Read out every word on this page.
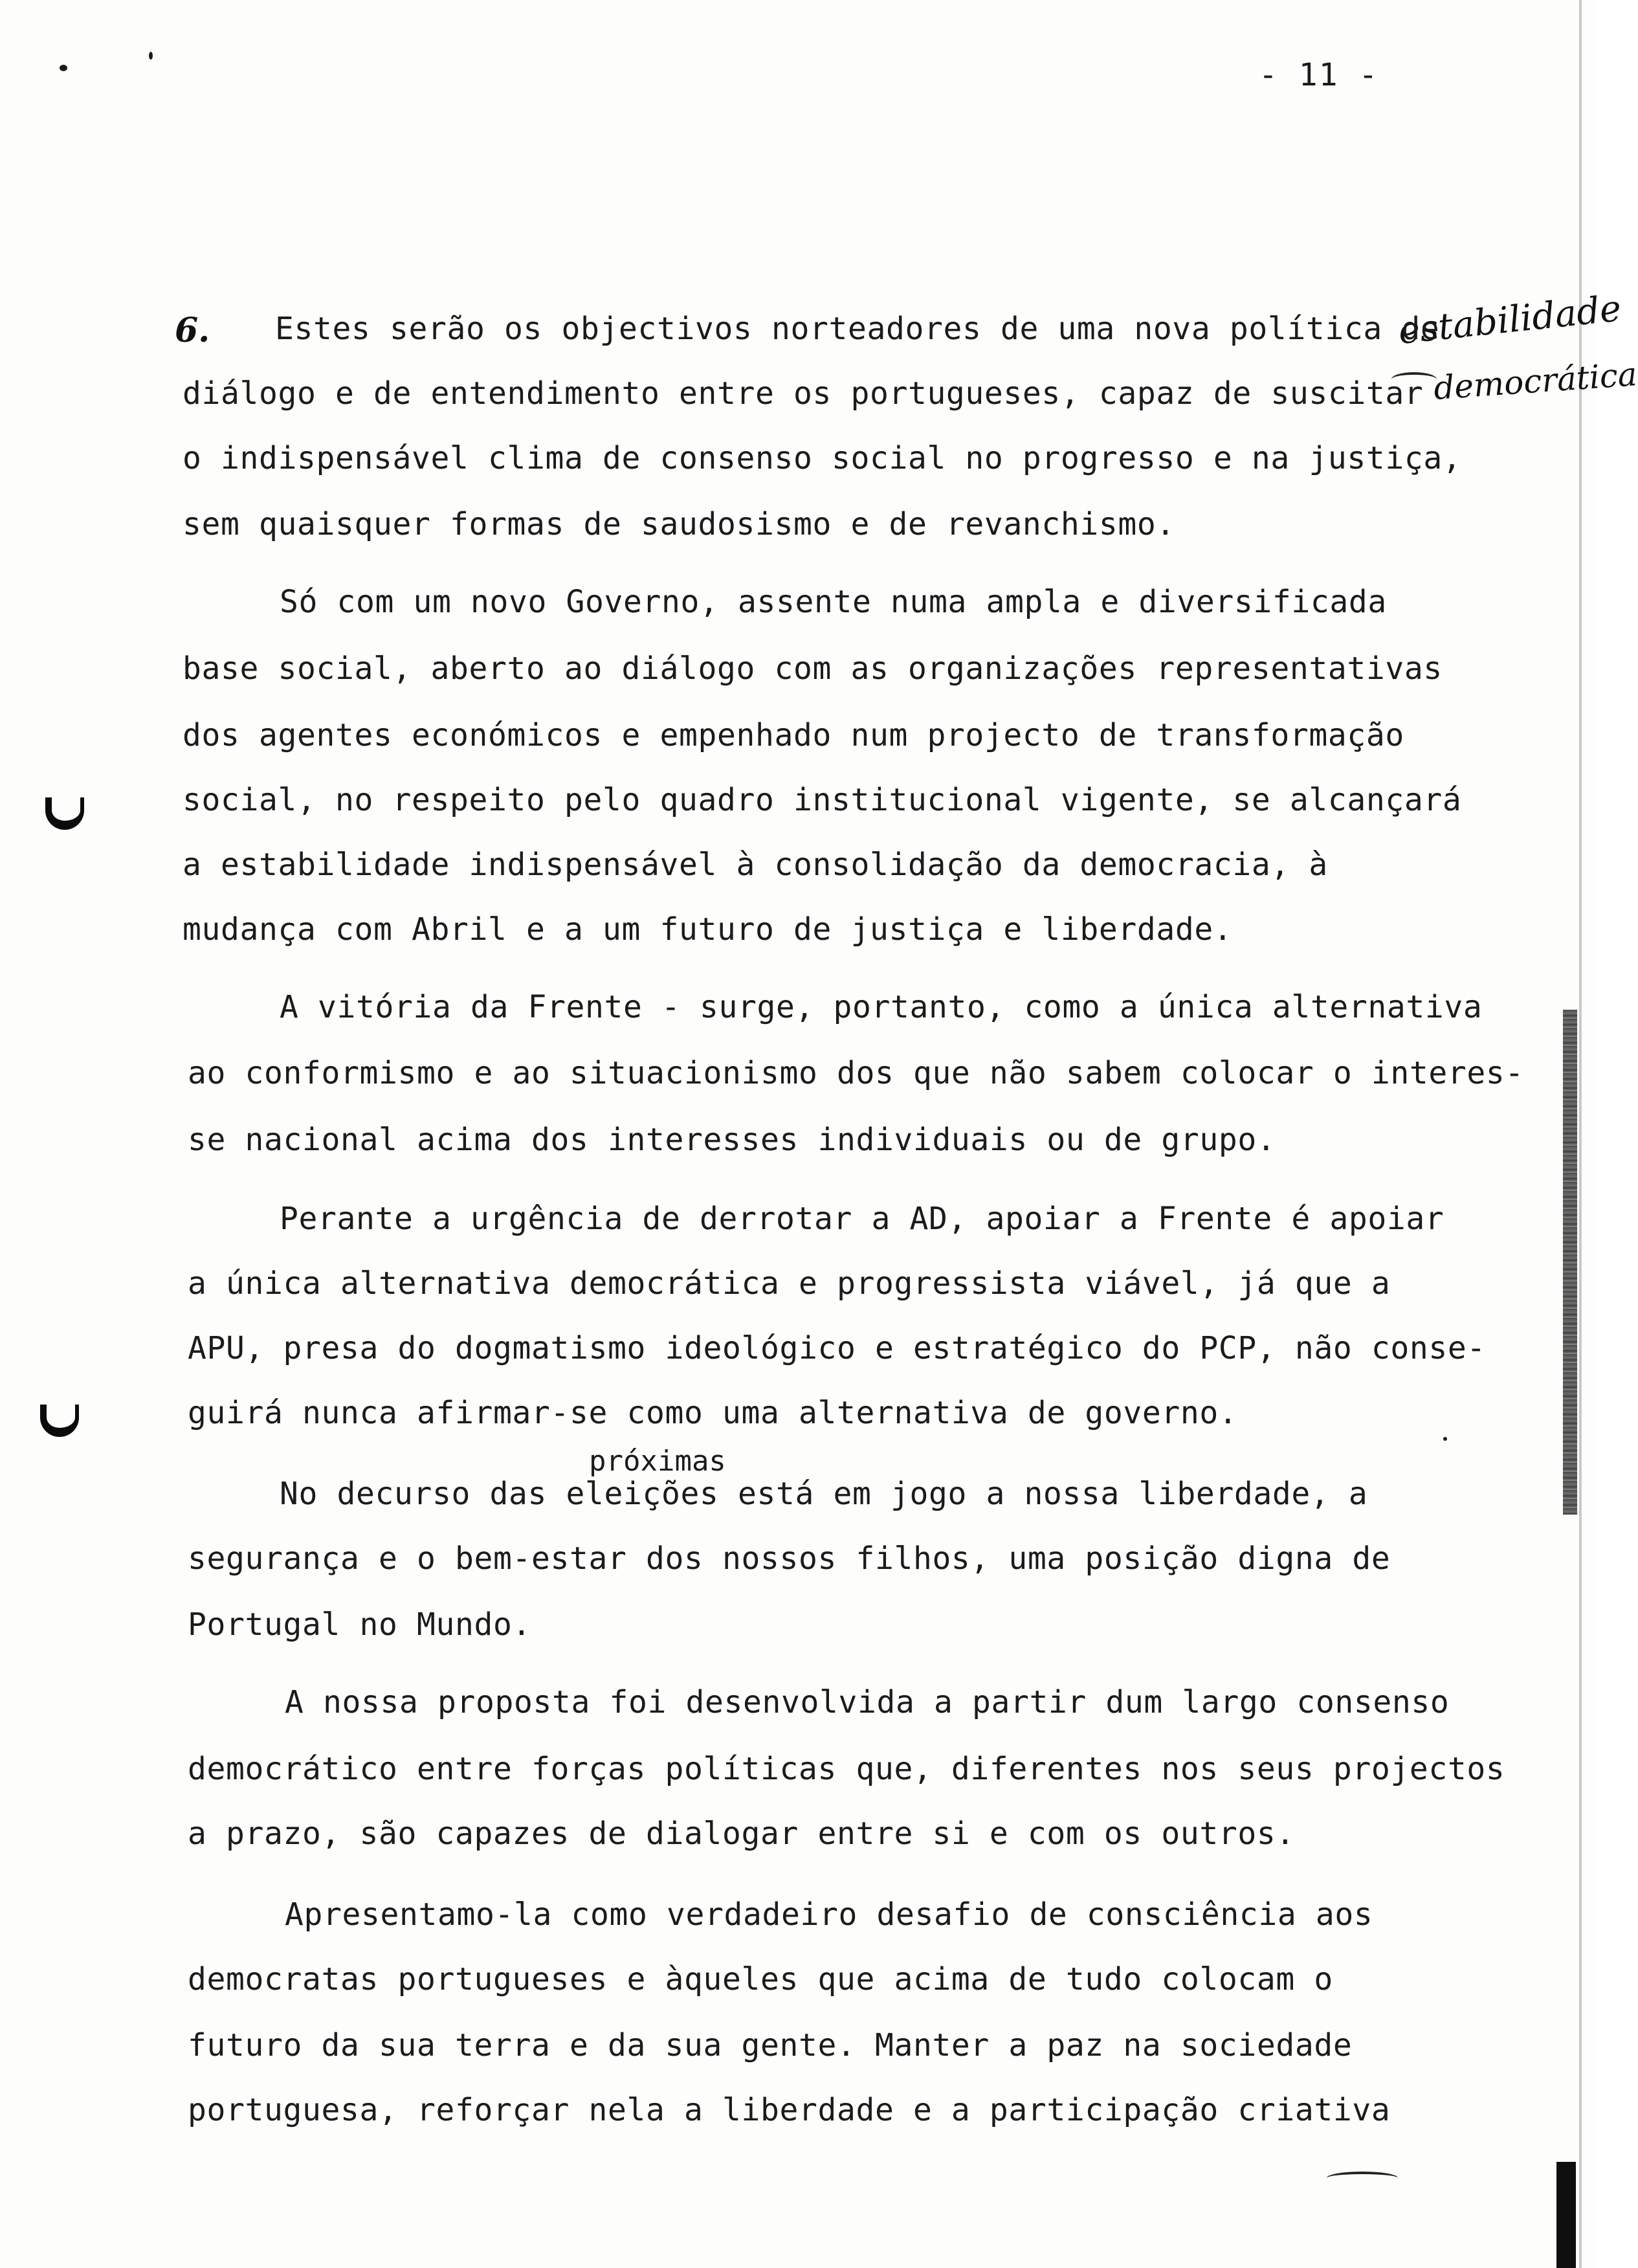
- 11 -
6.	estabilidade
democrática
Estes serão os objectivos norteadores de uma nova política de
diálogo e de entendimento entre os portugueses, capaz de suscitar
o indispensável clima de consenso social no progresso e na justiça,
sem quaisquer formas de saudosismo e de revanchismo.
Só com um novo Governo, assente numa ampla e diversificada
base social, aberto ao diálogo com as organizações representativas
dos agentes económicos e empenhado num projecto de transformação
social, no respeito pelo quadro institucional vigente, se alcançará
a estabilidade indispensável à consolidação da democracia, à
mudança com Abril e a um futuro de justiça e liberdade.
A vitória da Frente - surge, portanto, como a única alternativa
ao conformismo e ao situacionismo dos que não sabem colocar o interes-
se nacional acima dos interesses individuais ou de grupo.
Perante a urgência de derrotar a AD, apoiar a Frente é apoiar
a única alternativa democrática e progressista viável, já que a
APU, presa do dogmatismo ideológico e estratégico do PCP, não conse-
guirá nunca afirmar-se como uma alternativa de governo.
próximas
No decurso das eleições está em jogo a nossa liberdade, a
segurança e o bem-estar dos nossos filhos, uma posição digna de
Portugal no Mundo.
A nossa proposta foi desenvolvida a partir dum largo consenso
democrático entre forças políticas que, diferentes nos seus projectos
a prazo, são capazes de dialogar entre si e com os outros.
Apresentamo-la como verdadeiro desafio de consciência aos
democratas portugueses e àqueles que acima de tudo colocam o
futuro da sua terra e da sua gente. Manter a paz na sociedade
portuguesa, reforçar nela a liberdade e a participação criativa
